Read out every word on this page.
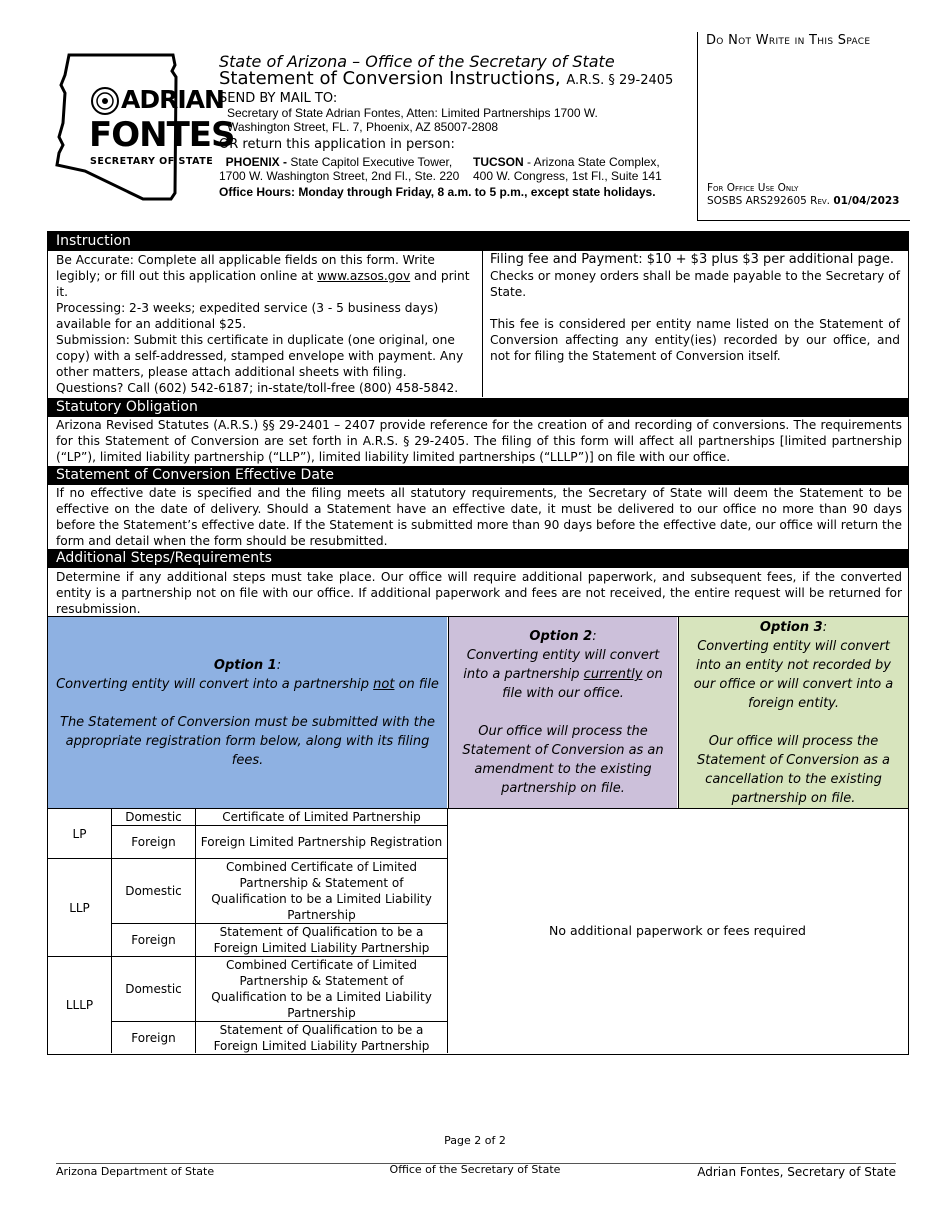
ADRIAN
FONTES
SECRETARY OF STATE
State of Arizona – Office of the Secretary of State
Statement of Conversion Instructions, A.R.S. § 29-2405
SEND BY MAIL TO:
Secretary of State Adrian Fontes, Atten: Limited Partnerships 1700 W. Washington Street, FL. 7, Phoenix, AZ 85007-2808
OR return this application in person:
PHOENIX - State Capitol Executive Tower,
1700 W. Washington Street, 2nd Fl., Ste. 220
TUCSON - Arizona State Complex,
400 W. Congress, 1st Fl., Suite 141
Office Hours: Monday through Friday, 8 a.m. to 5 p.m., except state holidays.
Do Not Write in This Space
For Office Use Only
SOSBS ARS292605 Rev. 01/04/2023
Instruction
Be Accurate: Complete all applicable fields on this form. Write legibly; or fill out this application online at www.azsos.gov and print it.
Processing: 2-3 weeks; expedited service (3 - 5 business days) available for an additional $25.
Submission: Submit this certificate in duplicate (one original, one copy) with a self-addressed, stamped envelope with payment. Any other matters, please attach additional sheets with filing.
Questions? Call (602) 542-6187; in-state/toll-free (800) 458-5842.
Filing fee and Payment: $10 + $3 plus $3 per additional page.
Checks or money orders shall be made payable to the Secretary of State.
This fee is considered per entity name listed on the Statement of Conversion affecting any entity(ies) recorded by our office, and not for filing the Statement of Conversion itself.
Statutory Obligation
Arizona Revised Statutes (A.R.S.) §§ 29-2401 – 2407 provide reference for the creation of and recording of conversions. The requirements for this Statement of Conversion are set forth in A.R.S. § 29-2405. The filing of this form will affect all partnerships [limited partnership (“LP”), limited liability partnership (“LLP”), limited liability limited partnerships (“LLLP”)] on file with our office.
Statement of Conversion Effective Date
If no effective date is specified and the filing meets all statutory requirements, the Secretary of State will deem the Statement to be effective on the date of delivery. Should a Statement have an effective date, it must be delivered to our office no more than 90 days before the Statement’s effective date. If the Statement is submitted more than 90 days before the effective date, our office will return the form and detail when the form should be resubmitted.
Additional Steps/Requirements
Determine if any additional steps must take place. Our office will require additional paperwork, and subsequent fees, if the converted entity is a partnership not on file with our office. If additional paperwork and fees are not received, the entire request will be returned for resubmission.
Option 1:
Converting entity will convert into a partnership not on file
The Statement of Conversion must be submitted with the appropriate registration form below, along with its filing fees.
Option 2:
Converting entity will convert into a partnership currently on file with our office.
Our office will process the Statement of Conversion as an amendment to the existing partnership on file.
Option 3:
Converting entity will convert into an entity not recorded by our office or will convert into a foreign entity.
Our office will process the Statement of Conversion as a cancellation to the existing partnership on file.
LP
Domestic	Certificate of Limited Partnership
Foreign	Foreign Limited Partnership Registration
LLP
Domestic
Combined Certificate of Limited Partnership & Statement of Qualification to be a Limited Liability Partnership
Foreign
Statement of Qualification to be a Foreign Limited Liability Partnership
LLLP
Domestic
Combined Certificate of Limited Partnership & Statement of Qualification to be a Limited Liability Partnership
Foreign
Statement of Qualification to be a Foreign Limited Liability Partnership
No additional paperwork or fees required
Page 2 of 2
Arizona Department of State	Office of the Secretary of State	Adrian Fontes, Secretary of State
